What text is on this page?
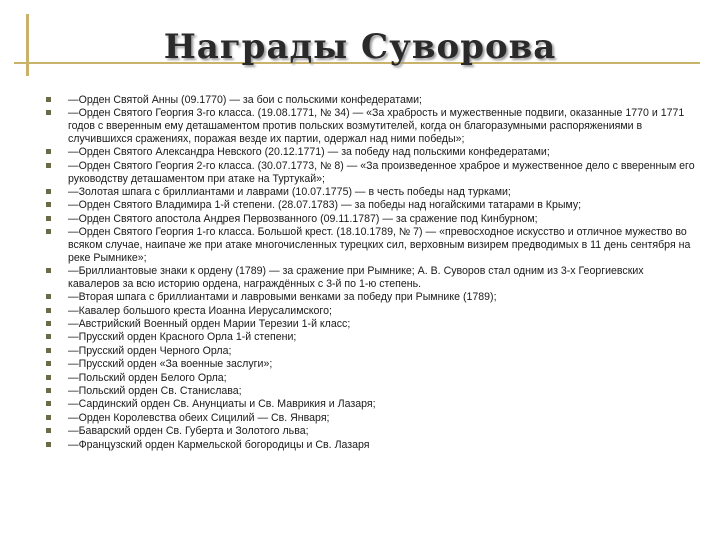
Награды Суворова
—Орден Святой Анны (09.1770) — за бои с польскими конфедератами;
—Орден Святого Георгия 3-го класса. (19.08.1771, № 34) — «За храбрость и мужественные подвиги, оказанные 1770 и 1771 годов с вверенным ему деташаментом против польских возмутителей, когда он благоразумными распоряжениями в случившихся сражениях, поражая везде их партии, одержал над ними победы»;
—Орден Святого Александра Невского (20.12.1771) — за победу над польскими конфедератами;
—Орден Святого Георгия 2-го класса. (30.07.1773, № 8) — «За произведенное храброе и мужественное дело с вверенным его руководству деташаментом при атаке на Туртукай»;
—Золотая шпага с бриллиантами и лаврами (10.07.1775) — в честь победы над турками;
—Орден Святого Владимира 1-й степени. (28.07.1783) — за победы над ногайскими татарами в Крыму;
—Орден Святого апостола Андрея Первозванного (09.11.1787) — за сражение под Кинбурном;
—Орден Святого Георгия 1-го класса. Большой крест. (18.10.1789, № 7) — «превосходное искусство и отличное мужество во всяком случае, наипаче же при атаке многочисленных турецких сил, верховным визирем предводимых в 11 день сентября на реке Рымнике»;
—Бриллиантовые знаки к ордену (1789) — за сражение при Рымнике; А. В. Суворов стал одним из 3-х Георгиевских кавалеров за всю историю ордена, награждённых с 3-й по 1-ю степень.
—Вторая шпага с бриллиантами и лавровыми венками за победу при Рымнике (1789);
—Кавалер большого креста Иоанна Иерусалимского;
—Австрийский Военный орден Марии Терезии 1-й класс;
—Прусский орден Красного Орла 1-й степени;
—Прусский орден Черного Орла;
—Прусский орден «За военные заслуги»;
—Польский орден Белого Орла;
—Польский орден Св. Станислава;
—Сардинский орден Св. Анунциаты и Св. Маврикия и Лазаря;
—Орден Королевства обеих Сицилий — Св. Января;
—Баварский орден Св. Губерта и Золотого льва;
—Французский орден Кармельской богородицы и Св. Лазаря
